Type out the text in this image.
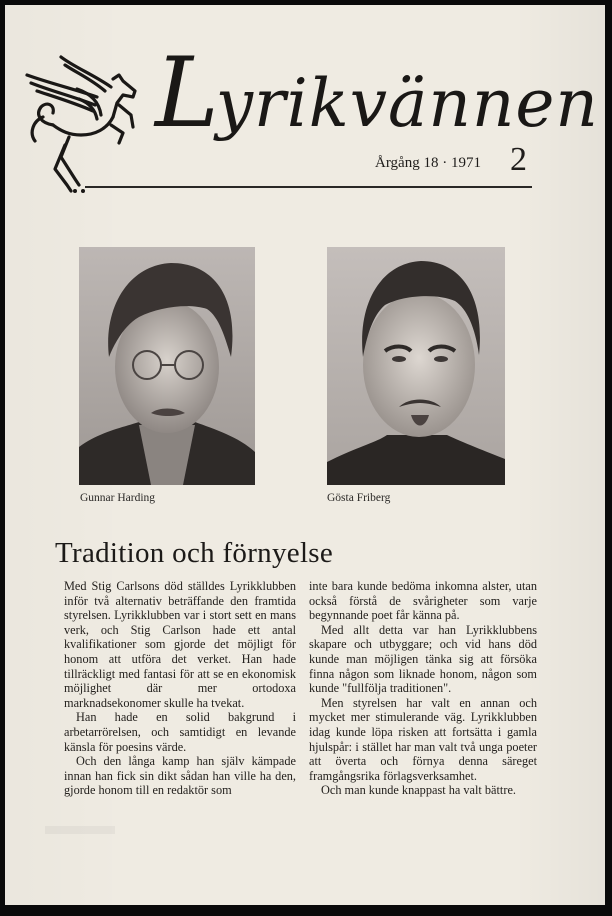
Lyrikvännen
Årgång 18 · 1971 2
Gunnar Harding	Gösta Friberg
Tradition och förnyelse

Med Stig Carlsons död ställdes Lyrikklubben inför två alternativ beträffande den framtida styrelsen. Lyrikklubben var i stort sett en mans verk, och Stig Carlson hade ett antal kvalifikationer som gjorde det möjligt för honom att utföra det verket. Han hade tillräckligt med fantasi för att se en ekonomisk möjlighet där mer ortodoxa marknadsekonomer skulle ha tvekat.

Han hade en solid bakgrund i arbetarrörelsen, och samtidigt en levande känsla för poesins värde.

Och den långa kamp han själv kämpade innan han fick sin dikt sådan han ville ha den, gjorde honom till en redaktör som

inte bara kunde bedöma inkomna alster, utan också förstå de svårigheter som varje begynnande poet får känna på.

Med allt detta var han Lyrikklubbens skapare och utbyggare; och vid hans död kunde man möjligen tänka sig att försöka finna någon som liknade honom, någon som kunde "fullfölja traditionen".

Men styrelsen har valt en annan och mycket mer stimulerande väg. Lyrikklubben idag kunde löpa risken att fortsätta i gamla hjulspår: i stället har man valt två unga poeter att överta och förnya denna säreget framgångsrika förlagsverksamhet.

Och man kunde knappast ha valt bättre.
